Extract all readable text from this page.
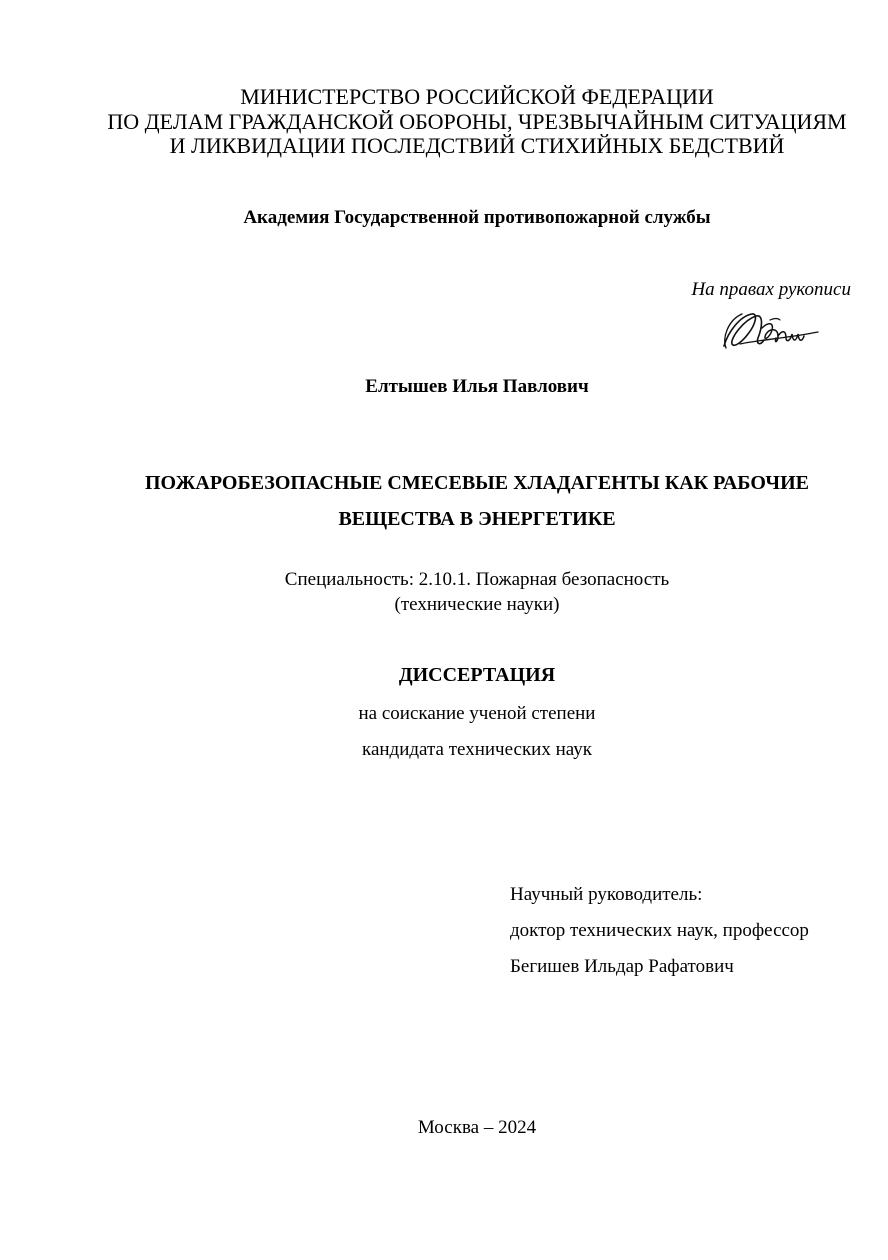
МИНИСТЕРСТВО РОССИЙСКОЙ ФЕДЕРАЦИИ
ПО ДЕЛАМ ГРАЖДАНСКОЙ ОБОРОНЫ, ЧРЕЗВЫЧАЙНЫМ СИТУАЦИЯМ
И ЛИКВИДАЦИИ ПОСЛЕДСТВИЙ СТИХИЙНЫХ БЕДСТВИЙ
Академия Государственной противопожарной службы
На правах рукописи
Елтышев Илья Павлович
ПОЖАРОБЕЗОПАСНЫЕ СМЕСЕВЫЕ ХЛАДАГЕНТЫ КАК РАБОЧИЕ
ВЕЩЕСТВА В ЭНЕРГЕТИКЕ
Специальность: 2.10.1. Пожарная безопасность
(технические науки)
ДИССЕРТАЦИЯ
на соискание ученой степени
кандидата технических наук
Научный руководитель:
доктор технических наук, профессор
Бегишев Ильдар Рафатович
Москва – 2024
